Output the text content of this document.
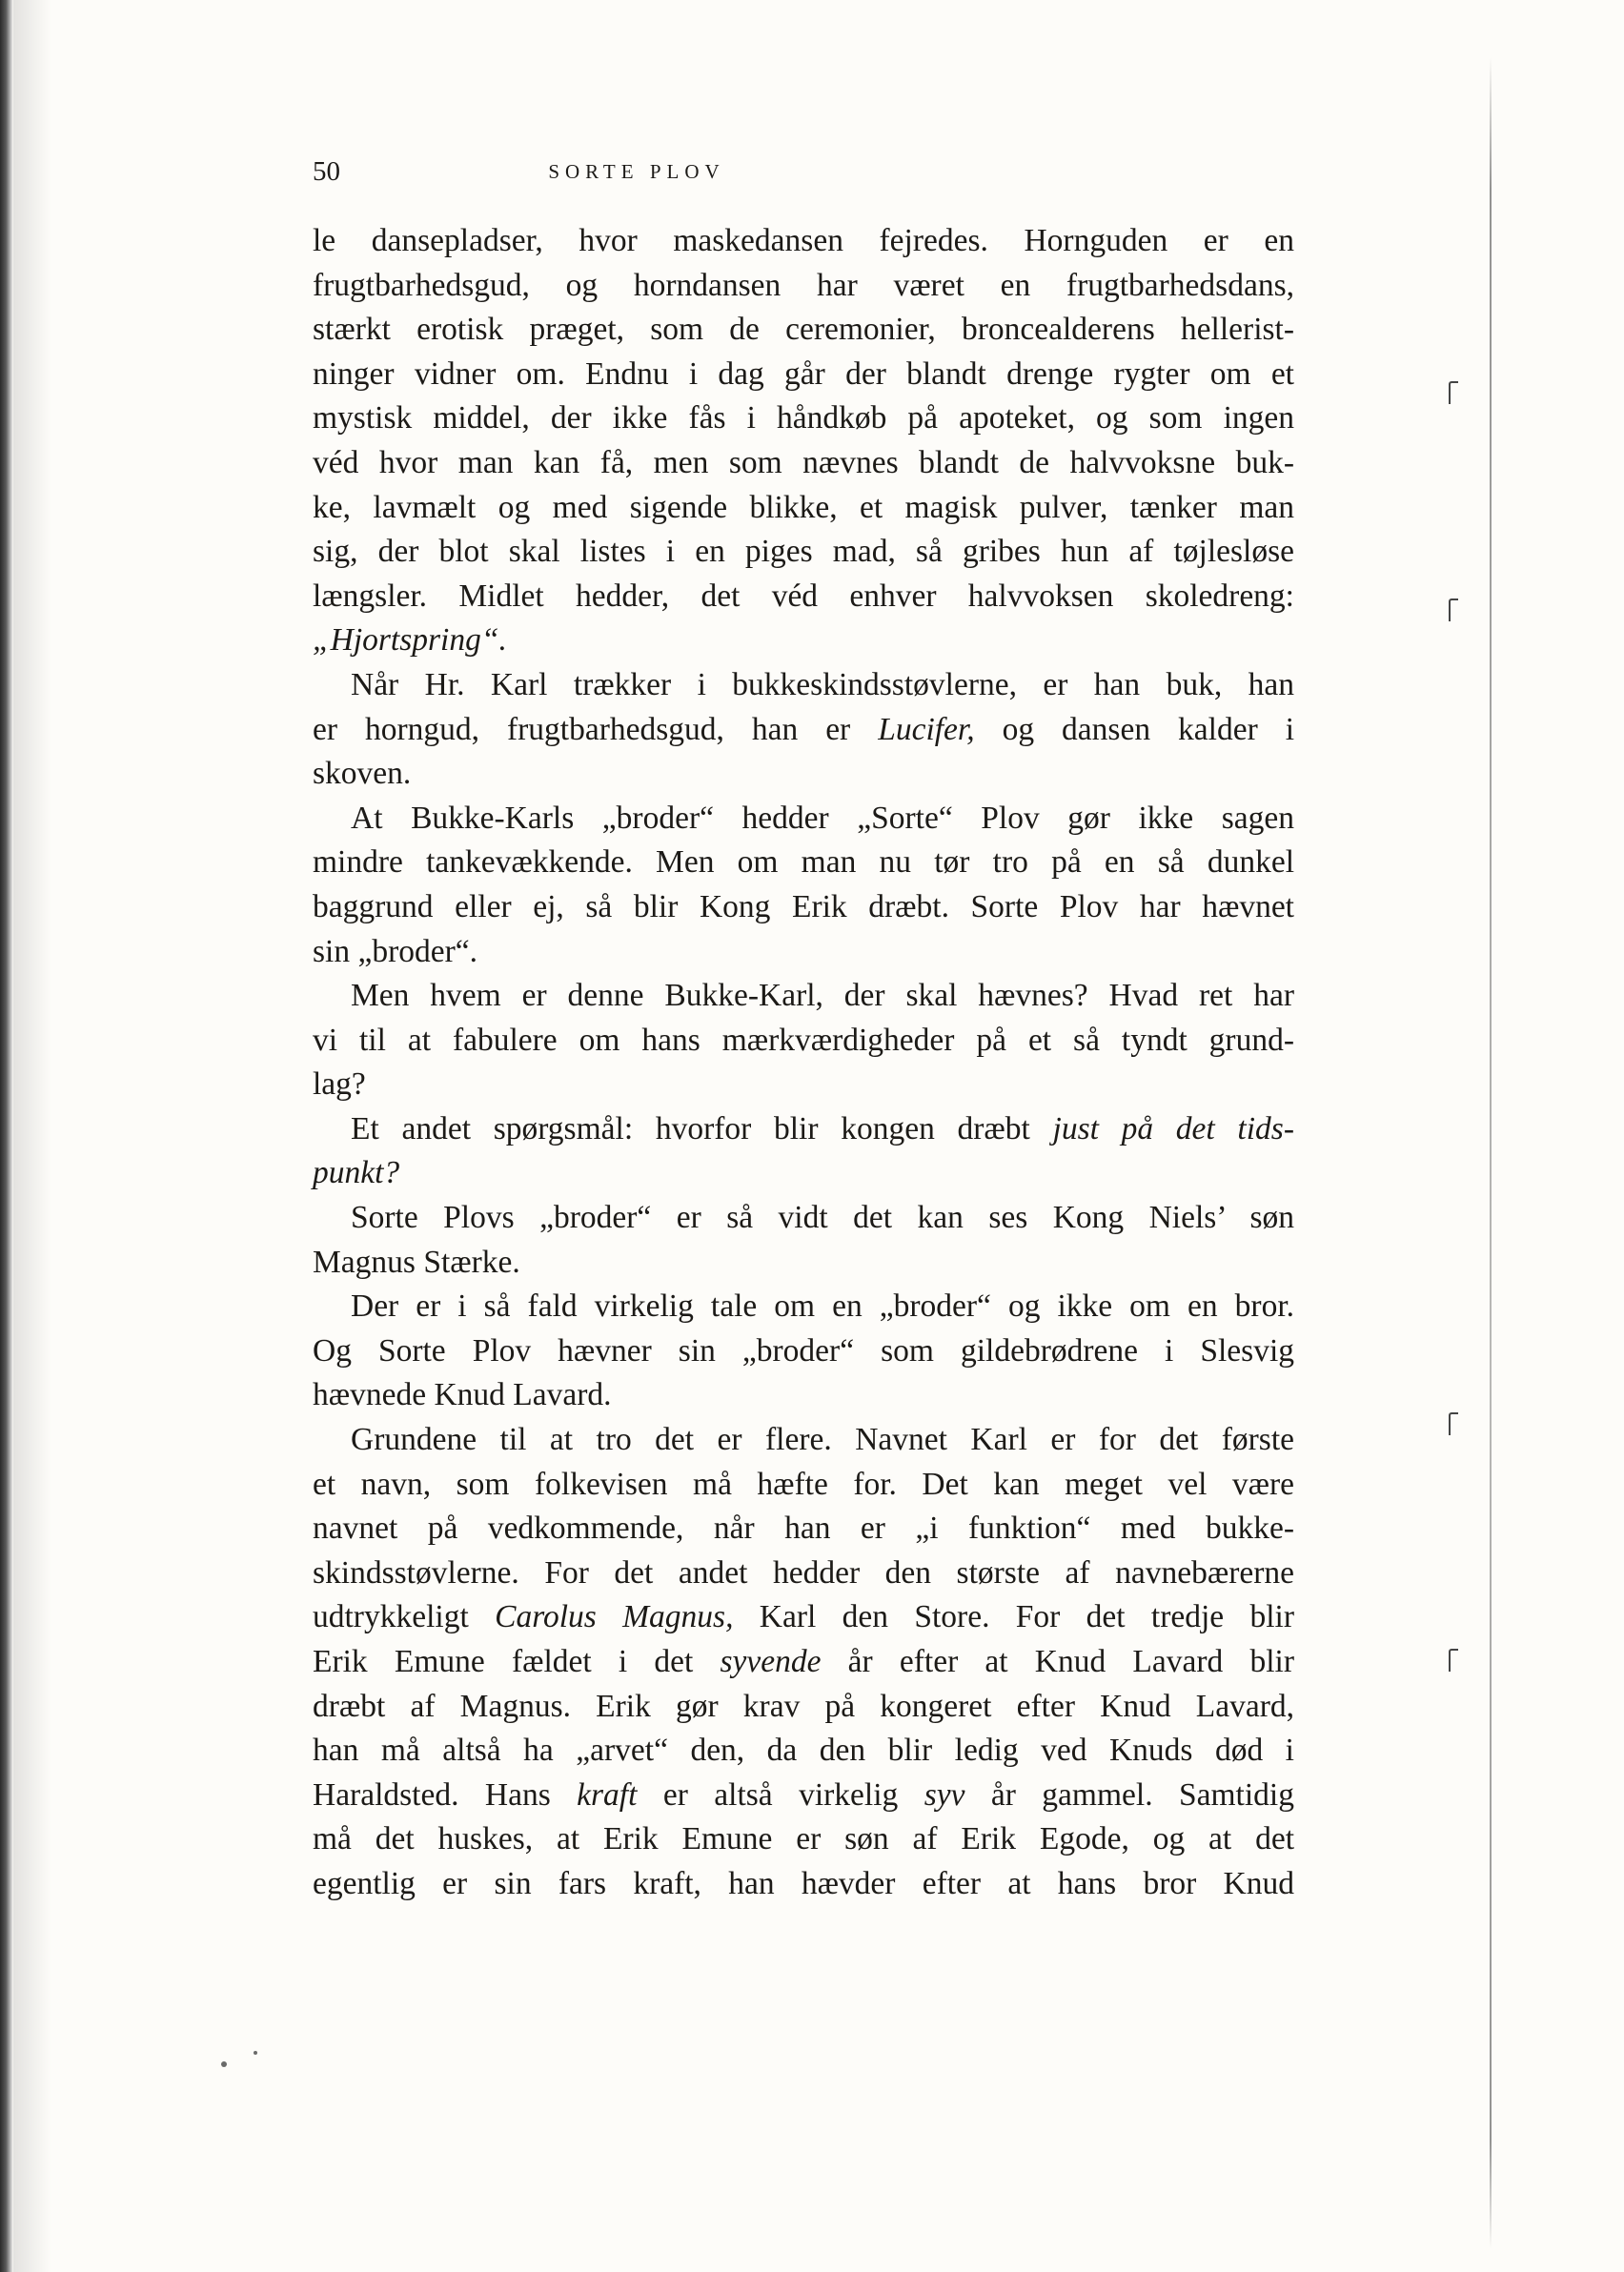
50	SORTE PLOV
le dansepladser, hvor maskedansen fejredes. Hornguden er en
frugtbarhedsgud, og horndansen har været en frugtbarhedsdans,
stærkt erotisk præget, som de ceremonier, broncealderens hellerist-
ninger vidner om. Endnu i dag går der blandt drenge rygter om et
mystisk middel, der ikke fås i håndkøb på apoteket, og som ingen
véd hvor man kan få, men som nævnes blandt de halvvoksne buk-
ke, lavmælt og med sigende blikke, et magisk pulver, tænker man
sig, der blot skal listes i en piges mad, så gribes hun af tøjlesløse
længsler. Midlet hedder, det véd enhver halvvoksen skoledreng:
„Hjortspring“.
Når Hr. Karl trækker i bukkeskindsstøvlerne, er han buk, han
er horngud, frugtbarhedsgud, han er Lucifer, og dansen kalder i
skoven.
At Bukke-Karls „broder“ hedder „Sorte“ Plov gør ikke sagen
mindre tankevækkende. Men om man nu tør tro på en så dunkel
baggrund eller ej, så blir Kong Erik dræbt. Sorte Plov har hævnet
sin „broder“.
Men hvem er denne Bukke-Karl, der skal hævnes? Hvad ret har
vi til at fabulere om hans mærkværdigheder på et så tyndt grund-
lag?
Et andet spørgsmål: hvorfor blir kongen dræbt just på det tids-
punkt?
Sorte Plovs „broder“ er så vidt det kan ses Kong Niels’ søn
Magnus Stærke.
Der er i så fald virkelig tale om en „broder“ og ikke om en bror.
Og Sorte Plov hævner sin „broder“ som gildebrødrene i Slesvig
hævnede Knud Lavard.
Grundene til at tro det er flere. Navnet Karl er for det første
et navn, som folkevisen må hæfte for. Det kan meget vel være
navnet på vedkommende, når han er „i funktion“ med bukke-
skindsstøvlerne. For det andet hedder den største af navnebærerne
udtrykkeligt Carolus Magnus, Karl den Store. For det tredje blir
Erik Emune fældet i det syvende år efter at Knud Lavard blir
dræbt af Magnus. Erik gør krav på kongeret efter Knud Lavard,
han må altså ha „arvet“ den, da den blir ledig ved Knuds død i
Haraldsted. Hans kraft er altså virkelig syv år gammel. Samtidig
må det huskes, at Erik Emune er søn af Erik Egode, og at det
egentlig er sin fars kraft, han hævder efter at hans bror Knud
